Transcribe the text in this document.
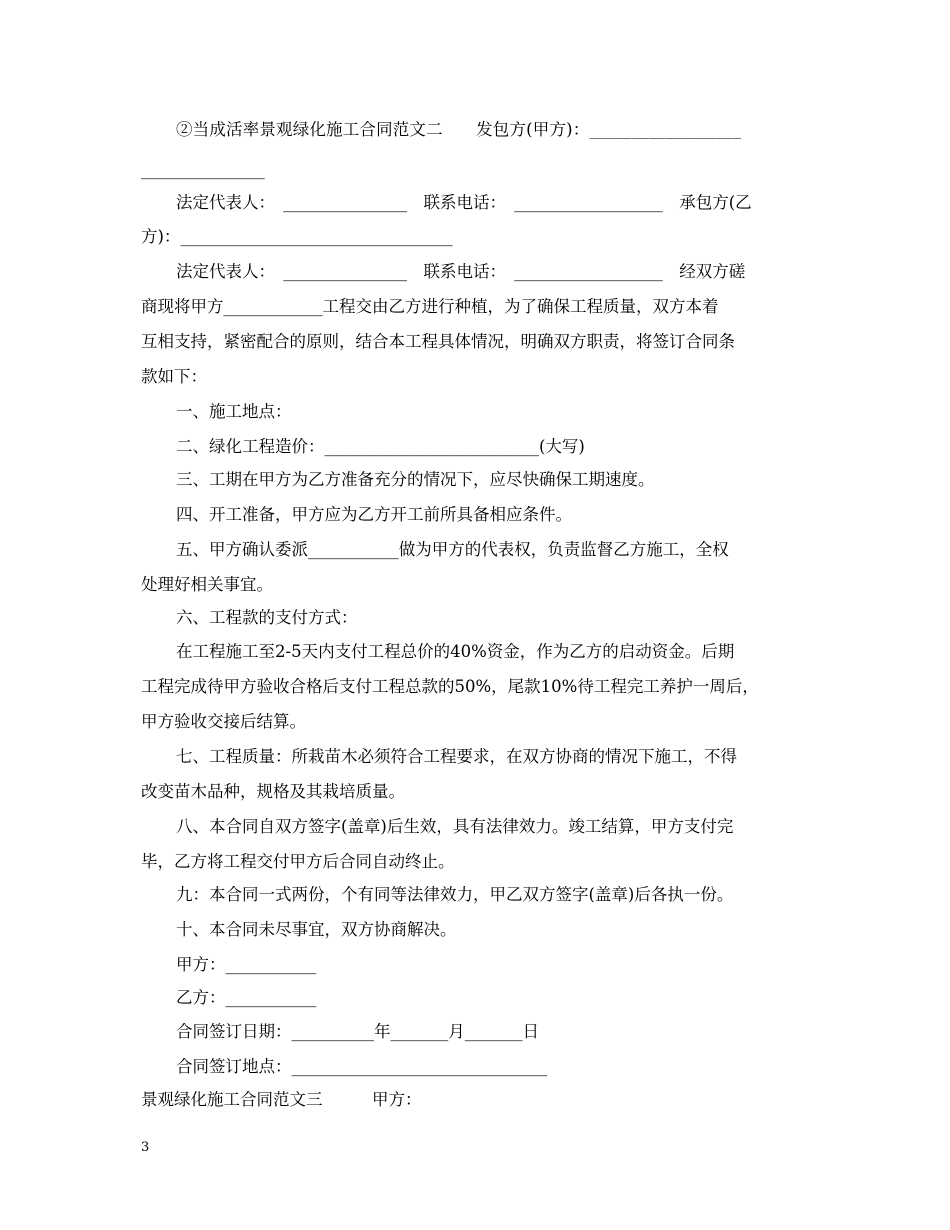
②当成活率景观绿化施工合同范文二　　发包方(甲方)：__________________
_______________
法定代表人：　_______________　联系电话：　__________________　承包方(乙
方)：_________________________________
法定代表人：　_______________　联系电话：　__________________　经双方磋
商现将甲方____________工程交由乙方进行种植，为了确保工程质量，双方本着
互相支持，紧密配合的原则，结合本工程具体情况，明确双方职责，将签订合同条
款如下：
一、施工地点：
二、绿化工程造价：__________________________(大写)
三、工期在甲方为乙方准备充分的情况下，应尽快确保工期速度。
四、开工准备，甲方应为乙方开工前所具备相应条件。
五、甲方确认委派___________做为甲方的代表权，负责监督乙方施工，全权
处理好相关事宜。
六、工程款的支付方式：
在工程施工至2-5天内支付工程总价的40%资金，作为乙方的启动资金。后期
工程完成待甲方验收合格后支付工程总款的50%，尾款10%待工程完工养护一周后，
甲方验收交接后结算。
七、工程质量：所栽苗木必须符合工程要求，在双方协商的情况下施工，不得
改变苗木品种，规格及其栽培质量。
八、本合同自双方签字(盖章)后生效，具有法律效力。竣工结算，甲方支付完
毕，乙方将工程交付甲方后合同自动终止。
九：本合同一式两份，个有同等法律效力，甲乙双方签字(盖章)后各执一份。
十、本合同未尽事宜，双方协商解决。
甲方：___________
乙方：___________
合同签订日期：__________年_______月_______日
合同签订地点：_______________________________
景观绿化施工合同范文三　　　甲方：
3
